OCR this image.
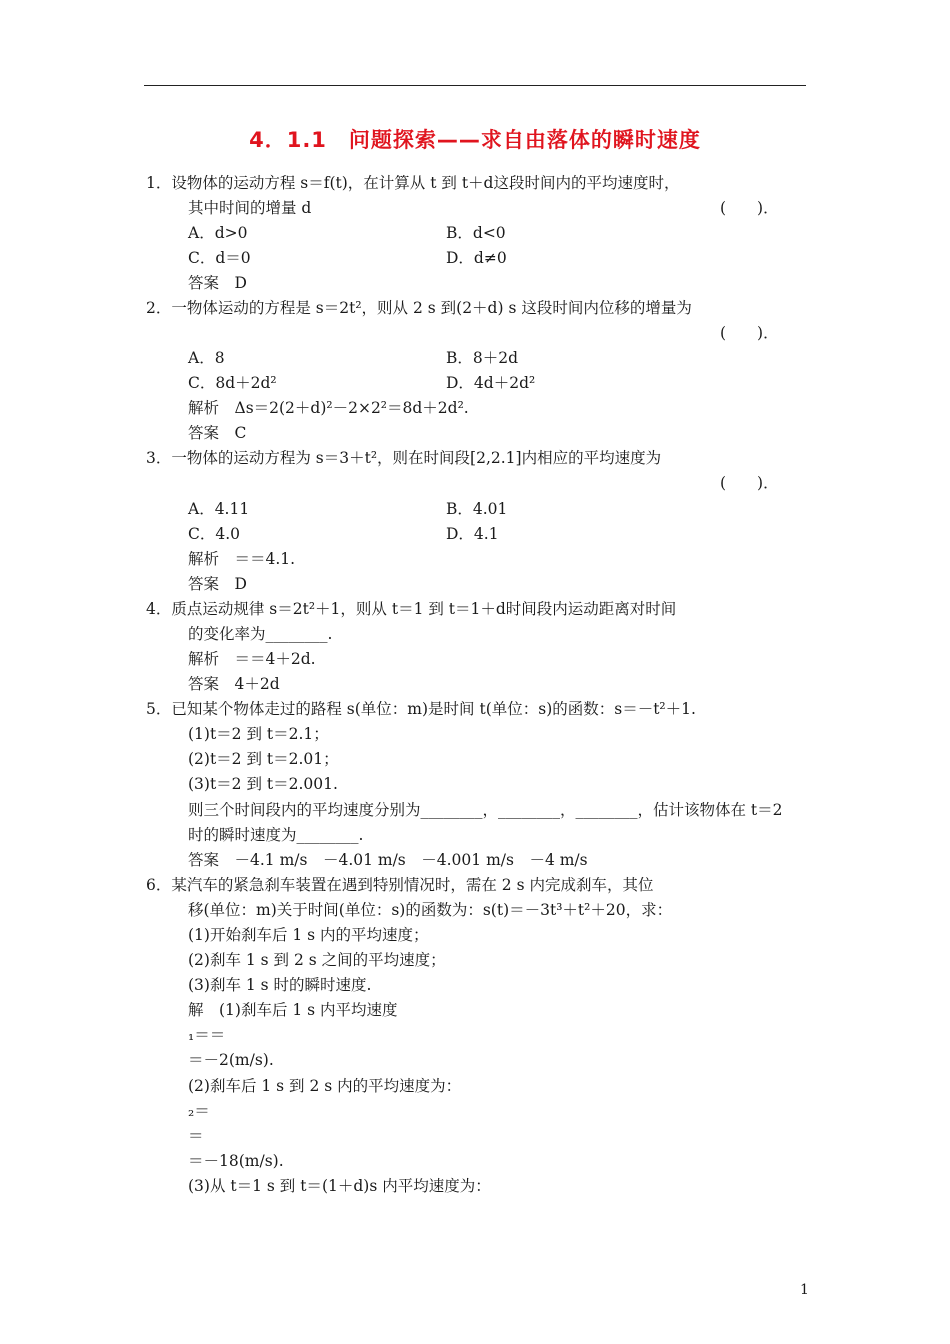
4．1.1　问题探索——求自由落体的瞬时速度
1．设物体的运动方程 s＝f(t)，在计算从 t 到 t＋d这段时间内的平均速度时，
其中时间的增量 d	(　　)．
A．d>0	B．d<0
C．d＝0	D．d≠0
答案　D
2．一物体运动的方程是 s＝2t²，则从 2 s 到(2＋d) s 这段时间内位移的增量为
(　　)．
A．8	B．8＋2d
C．8d＋2d²	D．4d＋2d²
解析　Δs＝2(2＋d)²－2×2²＝8d＋2d².
答案　C
3．一物体的运动方程为 s＝3＋t²，则在时间段[2,2.1]内相应的平均速度为
(　　)．
A．4.11	B．4.01
C．4.0	D．4.1
解析　＝＝4.1.
答案　D
4．质点运动规律 s＝2t²＋1，则从 t＝1 到 t＝1＋d时间段内运动距离对时间
的变化率为________.
解析　＝＝4＋2d.
答案　4＋2d
5．已知某个物体走过的路程 s(单位：m)是时间 t(单位：s)的函数：s＝－t²＋1.
(1)t＝2 到 t＝2.1；
(2)t＝2 到 t＝2.01；
(3)t＝2 到 t＝2.001.
则三个时间段内的平均速度分别为________，________，________，估计该物体在 t＝2
时的瞬时速度为________.
答案　－4.1 m/s　－4.01 m/s　－4.001 m/s　－4 m/s
6．某汽车的紧急刹车装置在遇到特别情况时，需在 2 s 内完成刹车，其位
移(单位：m)关于时间(单位：s)的函数为：s(t)＝－3t³＋t²＋20，求：
(1)开始刹车后 1 s 内的平均速度；
(2)刹车 1 s 到 2 s 之间的平均速度；
(3)刹车 1 s 时的瞬时速度.
解　(1)刹车后 1 s 内平均速度
₁＝＝
＝－2(m/s).
(2)刹车后 1 s 到 2 s 内的平均速度为：
₂＝
＝
＝－18(m/s).
(3)从 t＝1 s 到 t＝(1＋d)s 内平均速度为：
1
